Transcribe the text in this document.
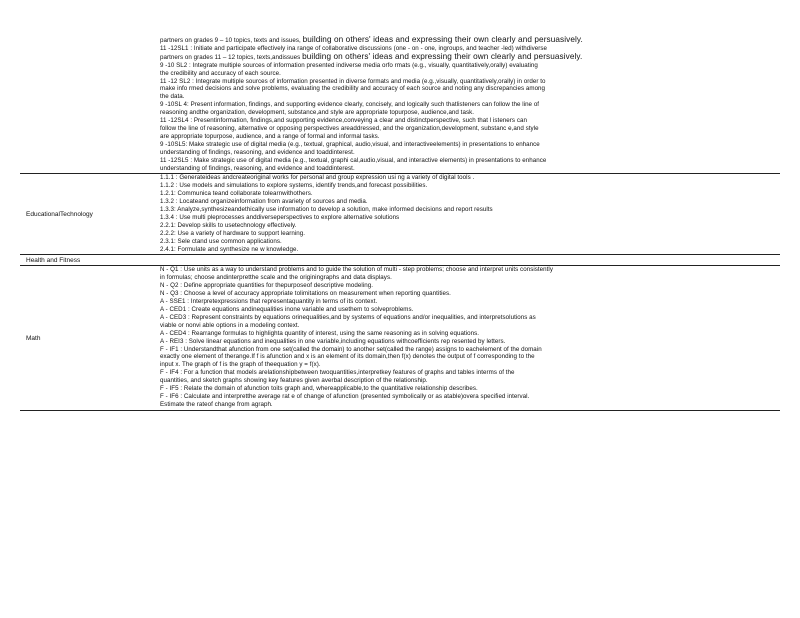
partners on grades 9 – 10 topics, texts and issues, building on others' ideas and expressing their own clearly and persuasively.
11 -12SL1 : Initiate and participate effectively ina range of collaborative discussions (one - on - one, ingroups, and teacher -led) withdiverse
partners on grades 11 – 12 topics, texts,andissues building on others' ideas and expressing their own clearly and persuasively.
9 -10 SL2 : Integrate multiple sources of information presented indiverse media orfo rmats (e.g., visually, quantitatively,orally) evaluating
the credibility and accuracy of each source.
11 -12 SL2 : Integrate multiple sources of information presented in diverse formats and media (e.g.,visually, quantitatively,orally) in order to
make info rmed decisions and solve problems, evaluating the credibility and accuracy of each source and noting any discrepancies among
the data.
9 -10SL 4: Present information, findings, and supporting evidence clearly, concisely, and logically such thatlisteners can follow the line of
reasoning andthe organization, development, substance,and style are appropriate topurpose, audience,and task.
11 -12SL4 : Presentinformation, findings,and supporting evidence,conveying a clear and distinctperspective, such that l isteners can
follow the line of reasoning, alternative or opposing perspectives areaddressed, and the organization,development, substanc e,and style
are appropriate topurpose, audience, and a range of formal and informal tasks.
9 -10SL5: Make strategic use of digital media (e.g., textual, graphical, audio,visual, and interactiveelements) in presentations to enhance
understanding of findings, reasoning, and evidence and toaddinterest.
11 -12SL5 : Make strategic use of digital media (e.g., textual, graphi cal,audio,visual, and interactive elements) in presentations to enhance
understanding of findings, reasoning, and evidence and toaddinterest.
EducationalTechnology
1.1.1 : Generateideas andcreateoriginal works for personal and group expression usi ng a variety of digital tools .
1.1.2 : Use models and simulations to explore systems, identify trends,and forecast possibilities.
1.2.1: Communica teand collaborate tolearnwithothers.
1.3.2 : Locateand organizeinformation from avariety of sources and media.
1.3.3: Analyze,synthesizeandethically use information to develop a solution, make informed decisions and report results
1.3.4 : Use multi pleprocesses anddiverseperspectives to explore alternative solutions
2.2.1: Develop skills to usetechnology effectively.
2.2.2: Use a variety of hardware to support learning.
2.3.1: Sele ctand use common applications.
2.4.1: Formulate and synthesize ne w knowledge.
Health and Fitness
Math
N - Q1 : Use units as a way to understand problems and to guide the solution of multi - step problems; choose and interpret units consistently
in formulas; choose andinterpretthe scale and the originingraphs and data displays.
N - Q2 : Define appropriate quantities for thepurposeof descriptive modeling.
N - Q3 : Choose a level of accuracy appropriate tolimitations on measurement when reporting quantities.
A - SSE1 : Interpretexpressions that representaquantity in terms of its context.
A - CED1 : Create equations andinequalities inone variable and usethem to solveproblems.
A - CED3 : Represent constraints by equations orinequalities,and by systems of equations and/or inequalities, and interpretsolutions as
viable or nonvi able options in a modeling context.
A - CED4 : Rearrange formulas to highlighta quantity of interest, using the same reasoning as in solving equations.
A - REI3 : Solve linear equations and inequalities in one variable,including equations withcoefficients rep resented by letters.
F - IF1 : Understandthat afunction from one set(called the domain) to another set(called the range) assigns to eachelement of the domain
exactly one element of therange.If f is afunction and x is an element of its domain,then f(x) denotes the output of f corresponding to the
input x. The graph of f is the graph of theequation y = f(x).
F - IF4 : For a function that models arelationshipbetween twoquantities,interpretkey features of graphs and tables interms of the
quantities, and sketch graphs showing key features given averbal description of the relationship.
F - IF5 : Relate the domain of afunction toits graph and, whereapplicable,to the quantitative relationship describes.
F - IF6 : Calculate and interpretthe average rat e of change of afunction (presented symbolically or as atable)overa specified interval.
Estimate the rateof change from agraph.
